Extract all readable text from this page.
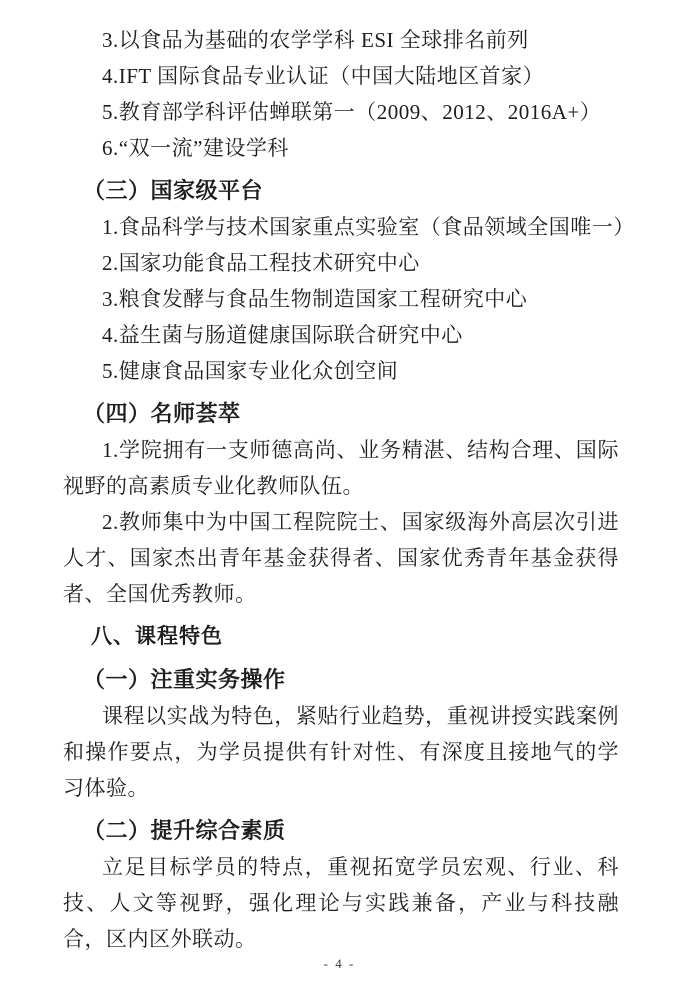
3.以食品为基础的农学学科 ESI 全球排名前列
4.IFT 国际食品专业认证（中国大陆地区首家）
5.教育部学科评估蝉联第一（2009、2012、2016A+）
6.“双一流”建设学科
（三）国家级平台
1.食品科学与技术国家重点实验室（食品领域全国唯一）
2.国家功能食品工程技术研究中心
3.粮食发酵与食品生物制造国家工程研究中心
4.益生菌与肠道健康国际联合研究中心
5.健康食品国家专业化众创空间
（四）名师荟萃

1.学院拥有一支师德高尚、业务精湛、结构合理、国际视野的高素质专业化教师队伍。

2.教师集中为中国工程院院士、国家级海外高层次引进人才、国家杰出青年基金获得者、国家优秀青年基金获得者、全国优秀教师。

八、课程特色
（一）注重实务操作

课程以实战为特色，紧贴行业趋势，重视讲授实践案例和操作要点，为学员提供有针对性、有深度且接地气的学习体验。

（二）提升综合素质

立足目标学员的特点，重视拓宽学员宏观、行业、科技、人文等视野，强化理论与实践兼备，产业与科技融合，区内区外联动。

- 4 -
